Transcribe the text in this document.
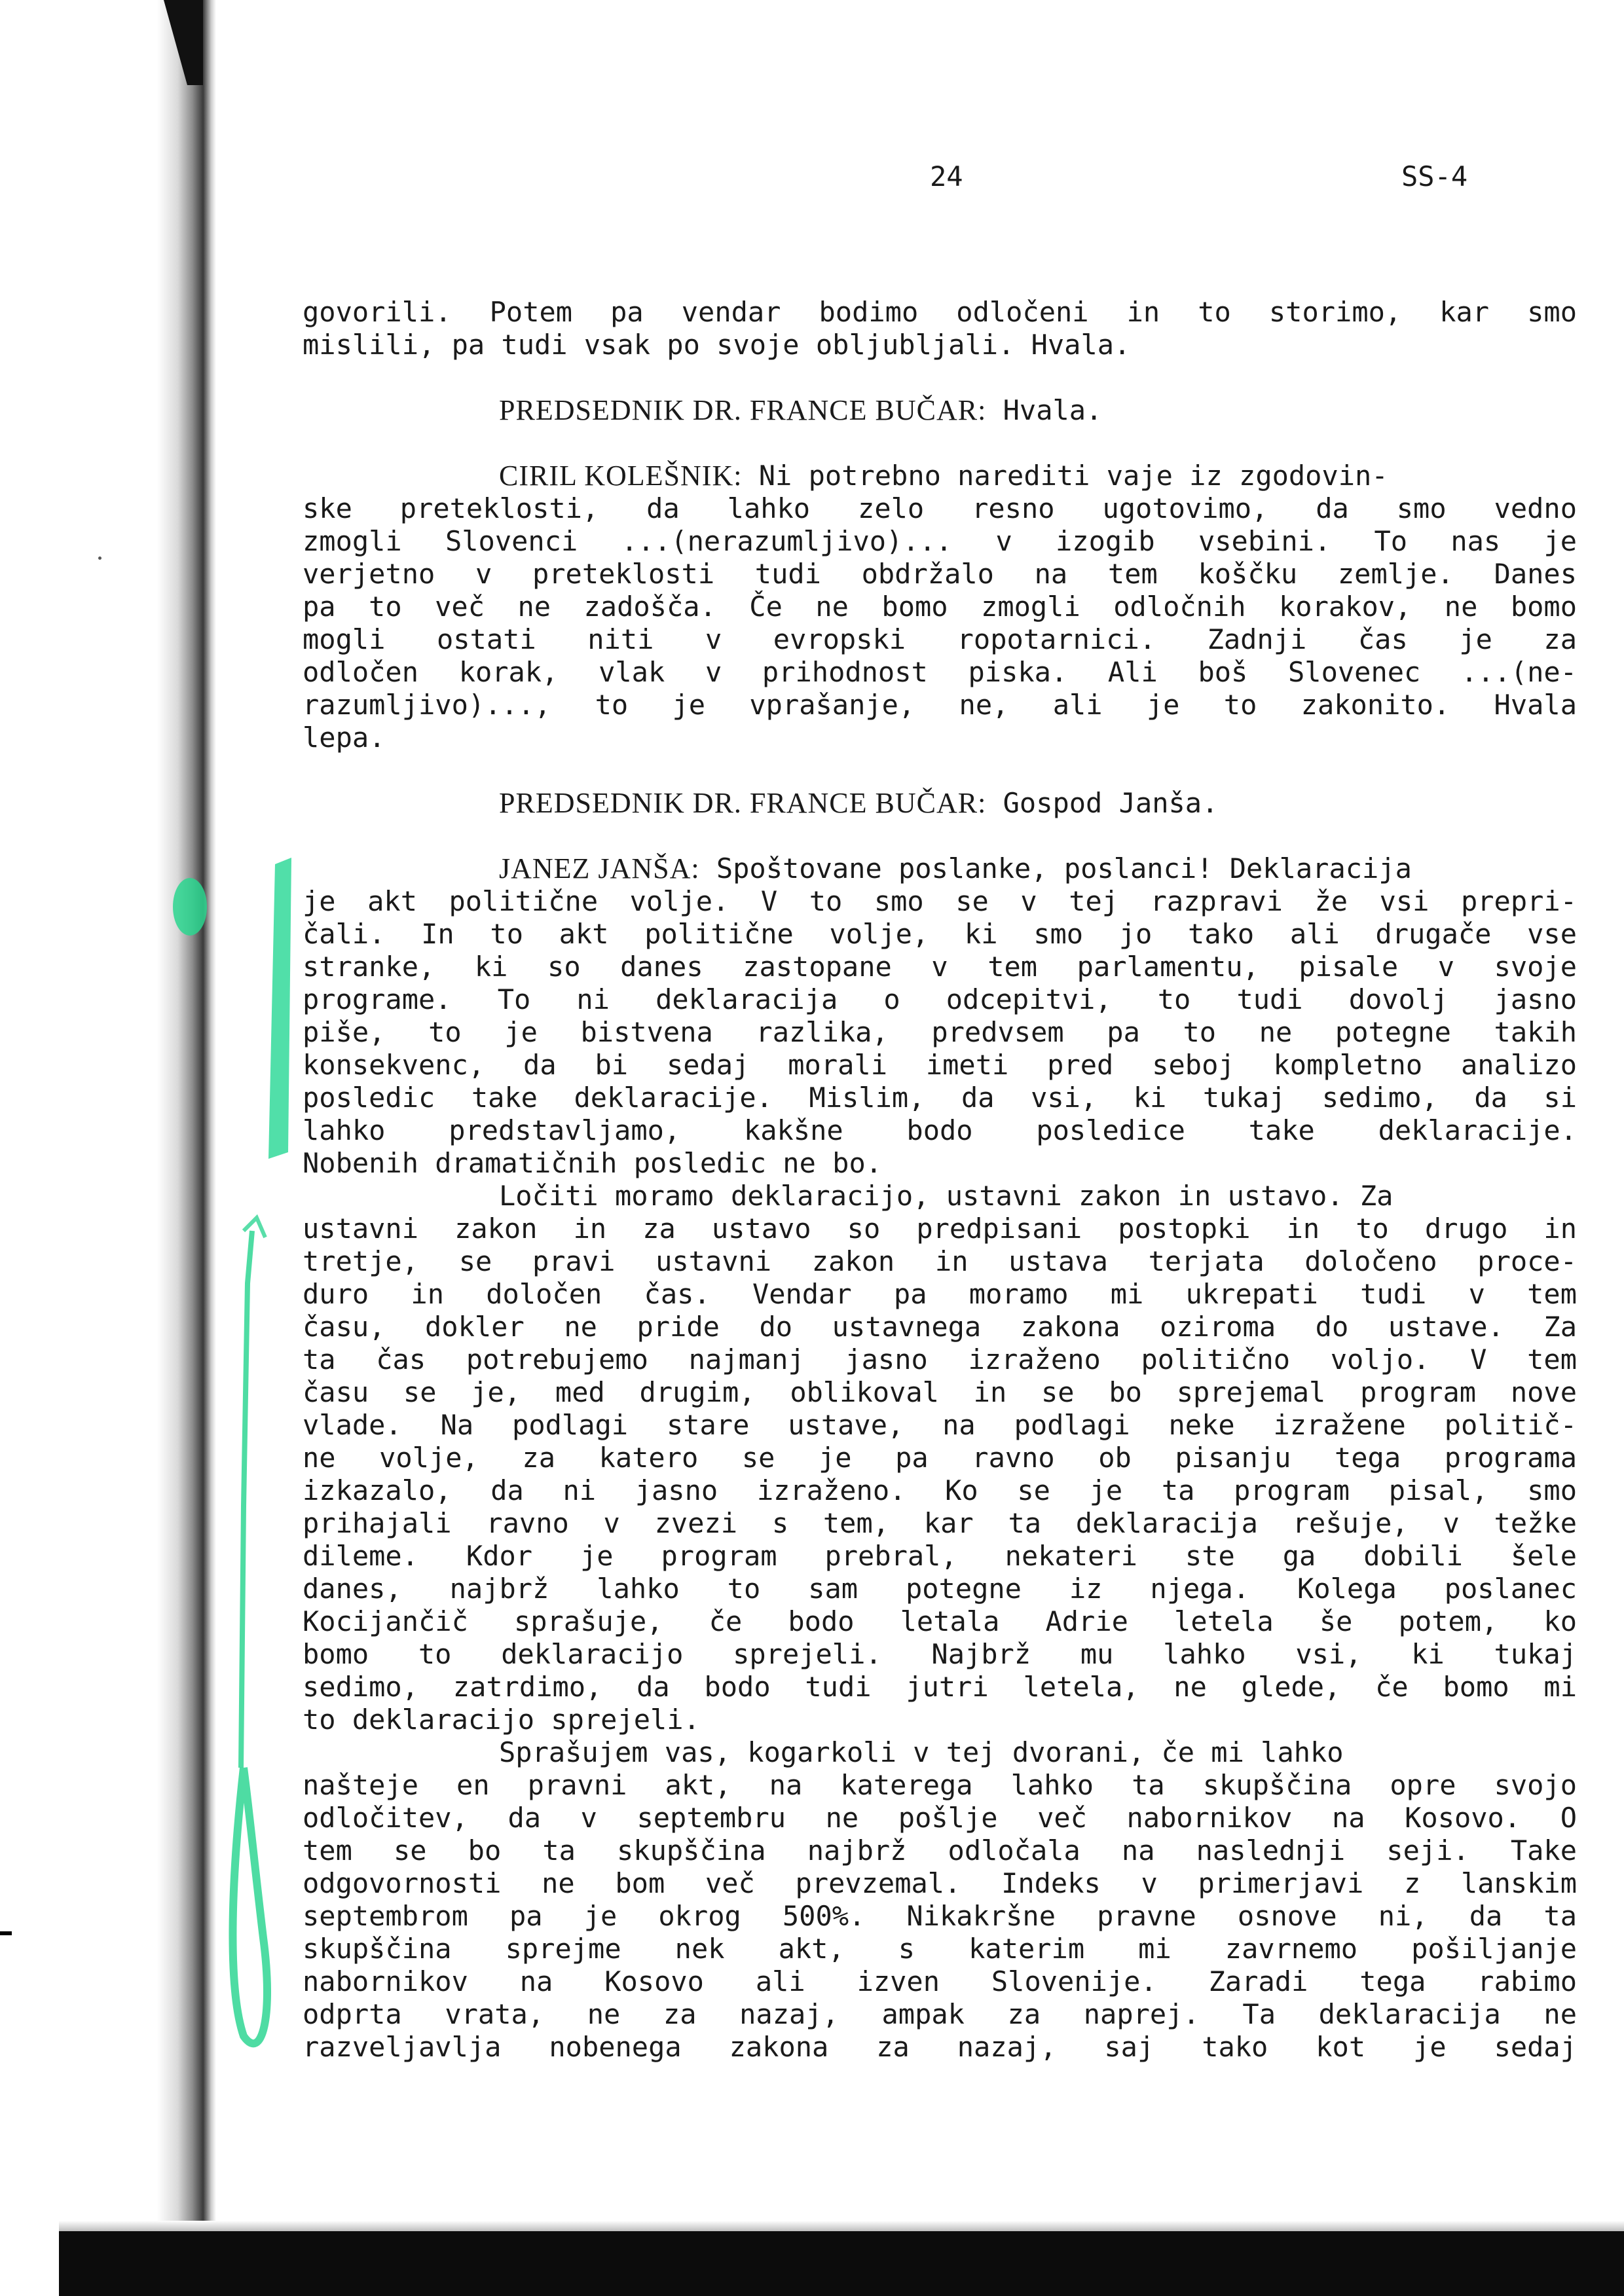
24	SS-4
govorili. Potem pa vendar bodimo odločeni in to storimo, kar smo
mislili, pa tudi vsak po svoje obljubljali. Hvala.
PREDSEDNIK DR. FRANCE BUČAR: Hvala.
CIRIL KOLEŠNIK: Ni potrebno narediti vaje iz zgodovin-
ske preteklosti, da lahko zelo resno ugotovimo, da smo vedno
zmogli Slovenci ...(nerazumljivo)... v izogib vsebini. To nas je
verjetno v preteklosti tudi obdržalo na tem koščku zemlje. Danes
pa to več ne zadošča. Če ne bomo zmogli odločnih korakov, ne bomo
mogli ostati niti v evropski ropotarnici. Zadnji čas je za
odločen korak, vlak v prihodnost piska. Ali boš Slovenec ...(ne-
razumljivo)..., to je vprašanje, ne, ali je to zakonito. Hvala
lepa.
PREDSEDNIK DR. FRANCE BUČAR: Gospod Janša.
JANEZ JANŠA: Spoštovane poslanke, poslanci! Deklaracija
je akt politične volje. V to smo se v tej razpravi že vsi prepri-
čali. In to akt politične volje, ki smo jo tako ali drugače vse
stranke, ki so danes zastopane v tem parlamentu, pisale v svoje
programe. To ni deklaracija o odcepitvi, to tudi dovolj jasno
piše, to je bistvena razlika, predvsem pa to ne potegne takih
konsekvenc, da bi sedaj morali imeti pred seboj kompletno analizo
posledic take deklaracije. Mislim, da vsi, ki tukaj sedimo, da si
lahko predstavljamo, kakšne bodo posledice take deklaracije.
Nobenih dramatičnih posledic ne bo.
Ločiti moramo deklaracijo, ustavni zakon in ustavo. Za
ustavni zakon in za ustavo so predpisani postopki in to drugo in
tretje, se pravi ustavni zakon in ustava terjata določeno proce-
duro in določen čas. Vendar pa moramo mi ukrepati tudi v tem
času, dokler ne pride do ustavnega zakona oziroma do ustave. Za
ta čas potrebujemo najmanj jasno izraženo politično voljo. V tem
času se je, med drugim, oblikoval in se bo sprejemal program nove
vlade. Na podlagi stare ustave, na podlagi neke izražene politič-
ne volje, za katero se je pa ravno ob pisanju tega programa
izkazalo, da ni jasno izraženo. Ko se je ta program pisal, smo
prihajali ravno v zvezi s tem, kar ta deklaracija rešuje, v težke
dileme. Kdor je program prebral, nekateri ste ga dobili šele
danes, najbrž lahko to sam potegne iz njega. Kolega poslanec
Kocijančič sprašuje, če bodo letala Adrie letela še potem, ko
bomo to deklaracijo sprejeli. Najbrž mu lahko vsi, ki tukaj
sedimo, zatrdimo, da bodo tudi jutri letela, ne glede, če bomo mi
to deklaracijo sprejeli.
Sprašujem vas, kogarkoli v tej dvorani, če mi lahko
našteje en pravni akt, na katerega lahko ta skupščina opre svojo
odločitev, da v septembru ne pošlje več nabornikov na Kosovo. O
tem se bo ta skupščina najbrž odločala na naslednji seji. Take
odgovornosti ne bom več prevzemal. Indeks v primerjavi z lanskim
septembrom pa je okrog 500%. Nikakršne pravne osnove ni, da ta
skupščina sprejme nek akt, s katerim mi zavrnemo pošiljanje
nabornikov na Kosovo ali izven Slovenije. Zaradi tega rabimo
odprta vrata, ne za nazaj, ampak za naprej. Ta deklaracija ne
razveljavlja nobenega zakona za nazaj, saj tako kot je sedaj
